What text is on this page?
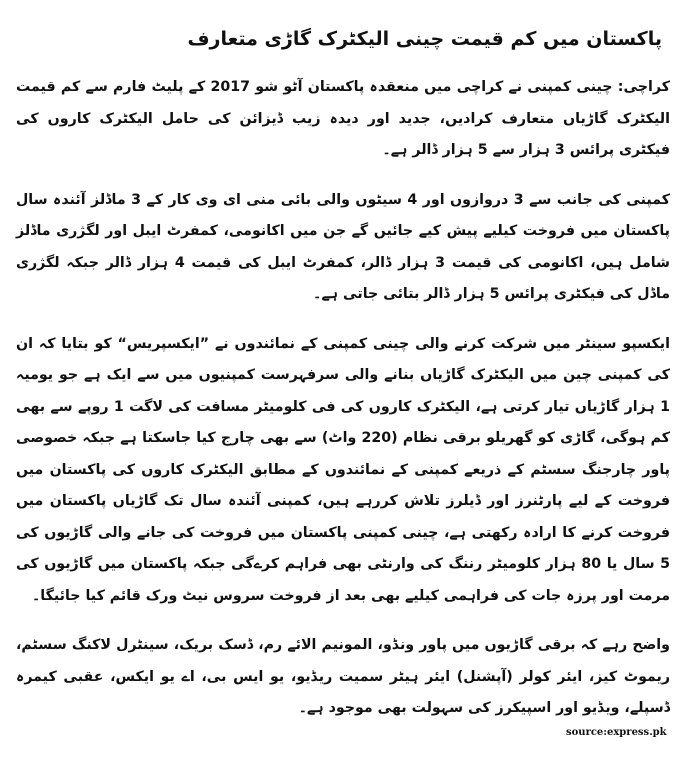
پاکستان میں کم قیمت چینی الیکٹرک گاڑی متعارف

کراچی: چینی کمپنی نے کراچی میں منعقدہ پاکستان آٹو شو 2017 کے پلیٹ فارم سے کم قیمت الیکٹرک گاڑیاں متعارف کرادیں، جدید اور دیدہ زیب ڈیزائن کی حامل الیکٹرک کاروں کی فیکٹری پرائس 3 ہزار سے 5 ہزار ڈالر ہے۔

کمپنی کی جانب سے 3 دروازوں اور 4 سیٹوں والی بائی منی ای وی کار کے 3 ماڈلز آئندہ سال پاکستان میں فروخت کیلیے پیش کیے جائیں گے جن میں اکانومی، کمفرٹ ایبل اور لگژری ماڈلز شامل ہیں، اکانومی کی قیمت 3 ہزار ڈالر، کمفرٹ ایبل کی قیمت 4 ہزار ڈالر جبکہ لگژری ماڈل کی فیکٹری پرائس 5 ہزار ڈالر بتائی جاتی ہے۔

ایکسپو سینٹر میں شرکت کرنے والی چینی کمپنی کے نمائندوں نے ”ایکسپریس“ کو بتایا کہ ان کی کمپنی چین میں الیکٹرک گاڑیاں بنانے والی سرفہرست کمپنیوں میں سے ایک ہے جو یومیہ 1 ہزار گاڑیاں تیار کرتی ہے، الیکٹرک کاروں کی فی کلومیٹر مسافت کی لاگت 1 روپے سے بھی کم ہوگی، گاڑی کو گھریلو برقی نظام (220 واٹ) سے بھی چارج کیا جاسکتا ہے جبکہ خصوصی پاور چارجنگ سسٹم کے ذریعے کمپنی کے نمائندوں کے مطابق الیکٹرک کاروں کی پاکستان میں فروخت کے لیے پارٹنرز اور ڈیلرز تلاش کررہے ہیں، کمپنی آئندہ سال تک گاڑیاں پاکستان میں فروخت کرنے کا ارادہ رکھتی ہے، چینی کمپنی پاکستان میں فروخت کی جانے والی گاڑیوں کی 5 سال یا 80 ہزار کلومیٹر رننگ کی وارنٹی بھی فراہم کرےگی جبکہ پاکستان میں گاڑیوں کی مرمت اور پرزہ جات کی فراہمی کیلیے بھی بعد از فروخت سروس نیٹ ورک قائم کیا جائیگا۔

واضح رہے کہ برقی گاڑیوں میں پاور ونڈو، المونیم الائے رم، ڈسک بریک، سینٹرل لاکنگ سسٹم، ریموٹ کیز، ایئر کولر (آپشنل) ایئر ہیٹر سمیت ریڈیو، یو ایس بی، اے یو ایکس، عقبی کیمرہ ڈسپلے، ویڈیو اور اسپیکرز کی سہولت بھی موجود ہے۔

source:express.pk
